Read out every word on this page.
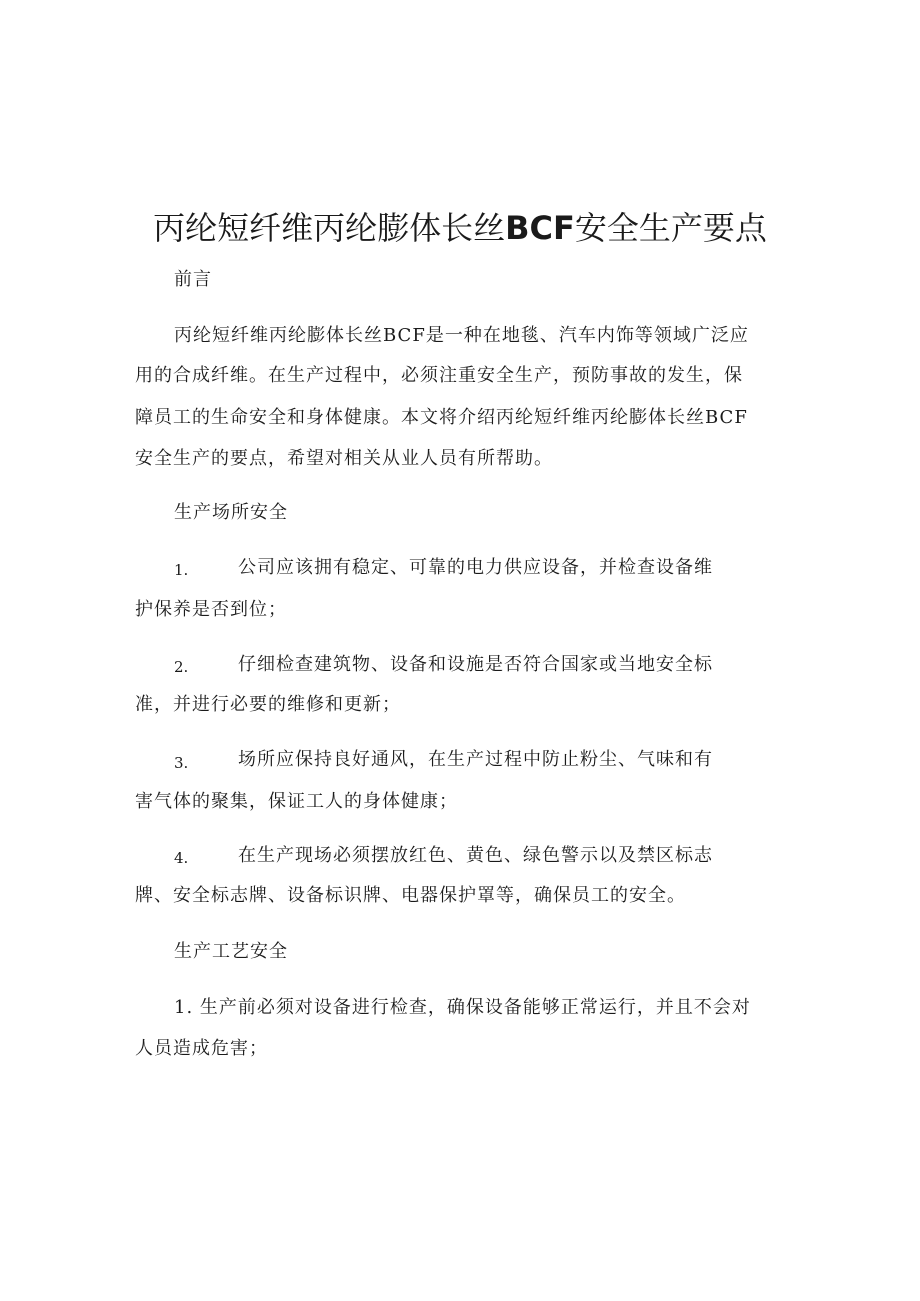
丙纶短纤维丙纶膨体长丝BCF安全生产要点

前言

丙纶短纤维丙纶膨体长丝BCF是一种在地毯、汽车内饰等领域广泛应

用的合成纤维。在生产过程中，必须注重安全生产，预防事故的发生，保

障员工的生命安全和身体健康。本文将介绍丙纶短纤维丙纶膨体长丝BCF

安全生产的要点，希望对相关从业人员有所帮助。

生产场所安全

1.	公司应该拥有稳定、可靠的电力供应设备，并检查设备维

护保养是否到位；

2.	仔细检查建筑物、设备和设施是否符合国家或当地安全标

准，并进行必要的维修和更新；

3.	场所应保持良好通风，在生产过程中防止粉尘、气味和有

害气体的聚集，保证工人的身体健康；

4.	在生产现场必须摆放红色、黄色、绿色警示以及禁区标志

牌、安全标志牌、设备标识牌、电器保护罩等，确保员工的安全。

生产工艺安全

1. 生产前必须对设备进行检查，确保设备能够正常运行，并且不会对

人员造成危害；
